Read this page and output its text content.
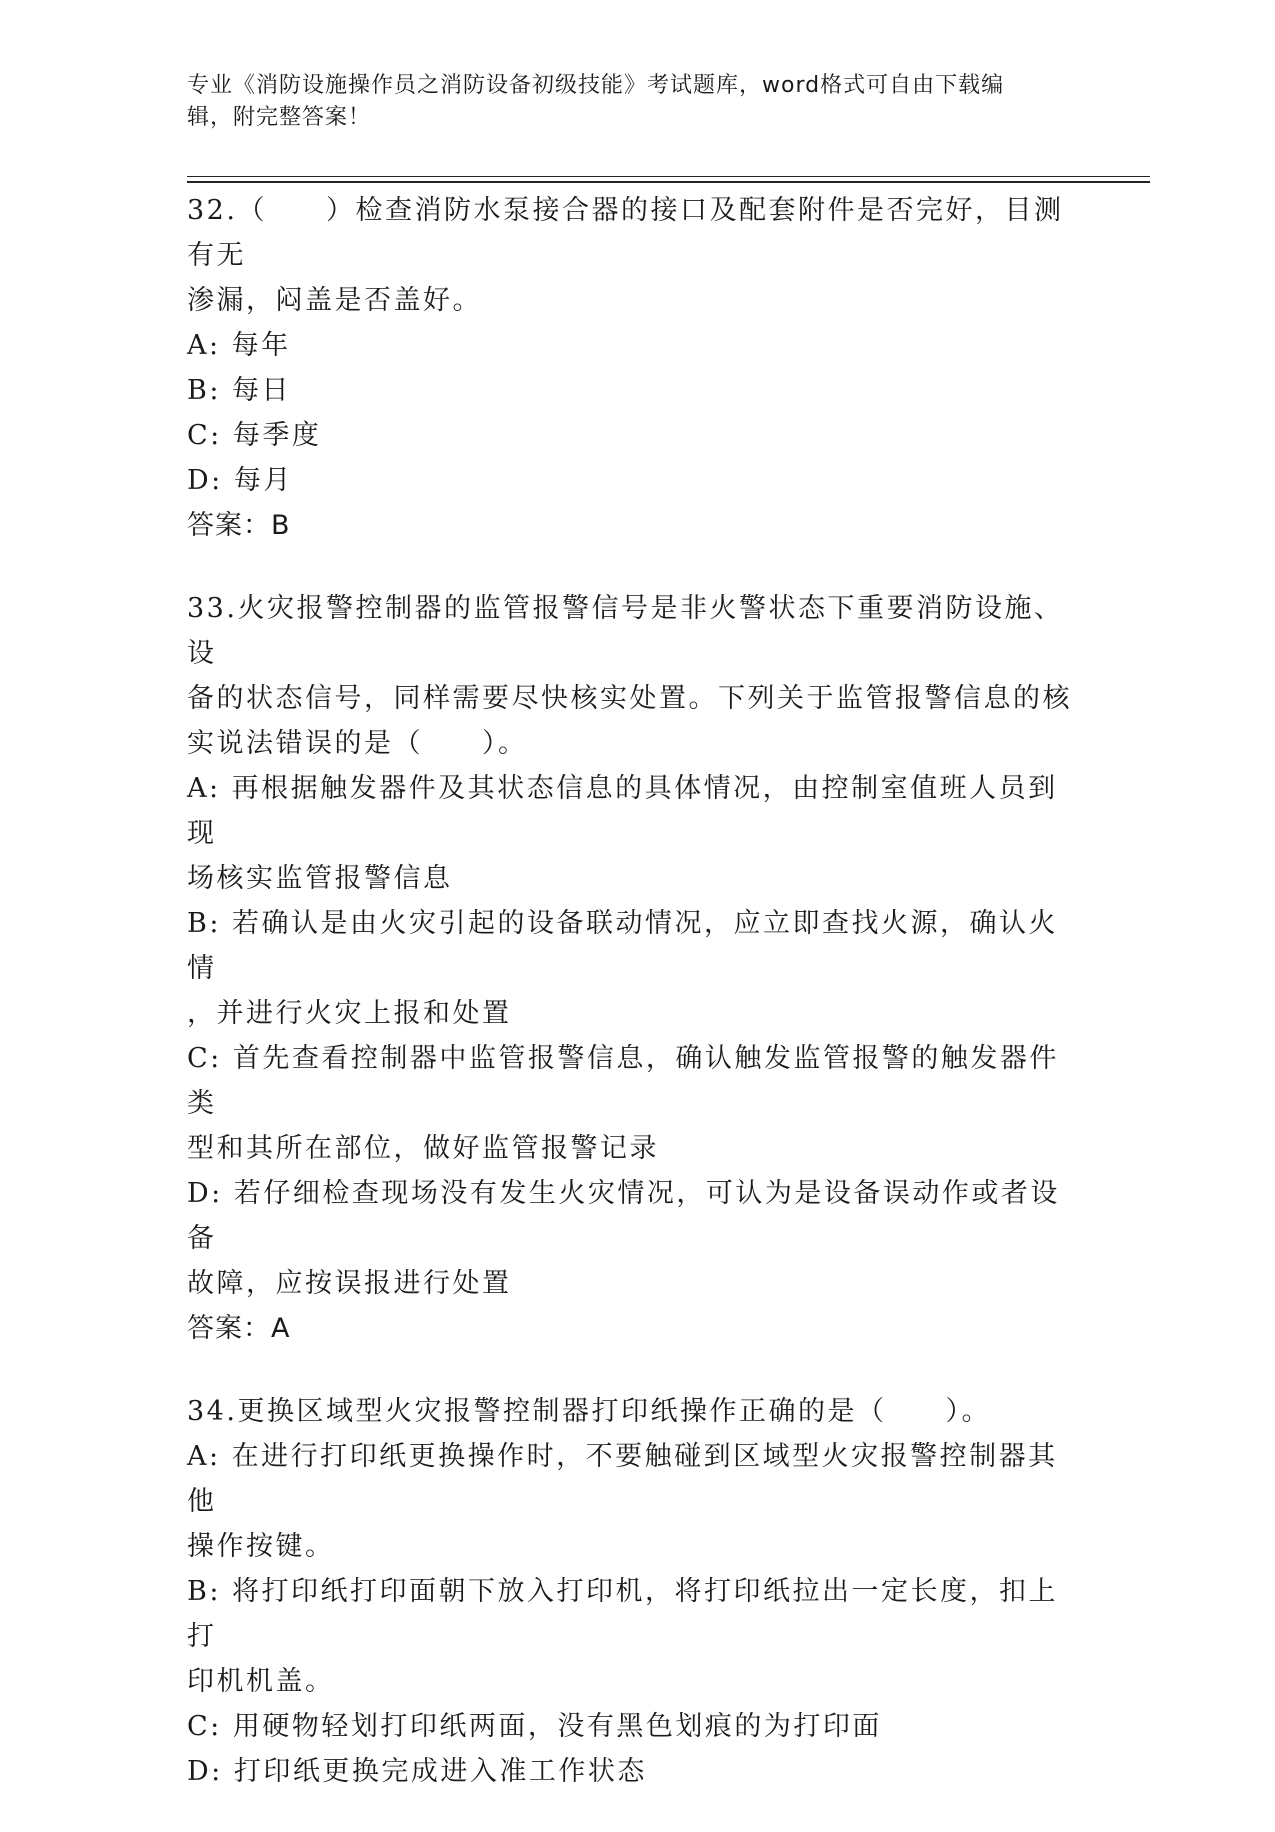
专业《消防设施操作员之消防设备初级技能》考试题库，word格式可自由下载编
辑，附完整答案！
32.（　　）检查消防水泵接合器的接口及配套附件是否完好，目测有无
渗漏，闷盖是否盖好。
A: 每年
B: 每日
C: 每季度
D: 每月
答案：B
33.火灾报警控制器的监管报警信号是非火警状态下重要消防设施、设
备的状态信号，同样需要尽快核实处置。下列关于监管报警信息的核
实说法错误的是（　　）。
A: 再根据触发器件及其状态信息的具体情况，由控制室值班人员到现
场核实监管报警信息
B: 若确认是由火灾引起的设备联动情况，应立即查找火源，确认火情
，并进行火灾上报和处置
C: 首先查看控制器中监管报警信息，确认触发监管报警的触发器件类
型和其所在部位，做好监管报警记录
D: 若仔细检查现场没有发生火灾情况，可认为是设备误动作或者设备
故障，应按误报进行处置
答案：A
34.更换区域型火灾报警控制器打印纸操作正确的是（　　）。
A: 在进行打印纸更换操作时，不要触碰到区域型火灾报警控制器其他
操作按键。
B: 将打印纸打印面朝下放入打印机，将打印纸拉出一定长度，扣上打
印机机盖。
C: 用硬物轻划打印纸两面，没有黑色划痕的为打印面
D: 打印纸更换完成进入准工作状态
